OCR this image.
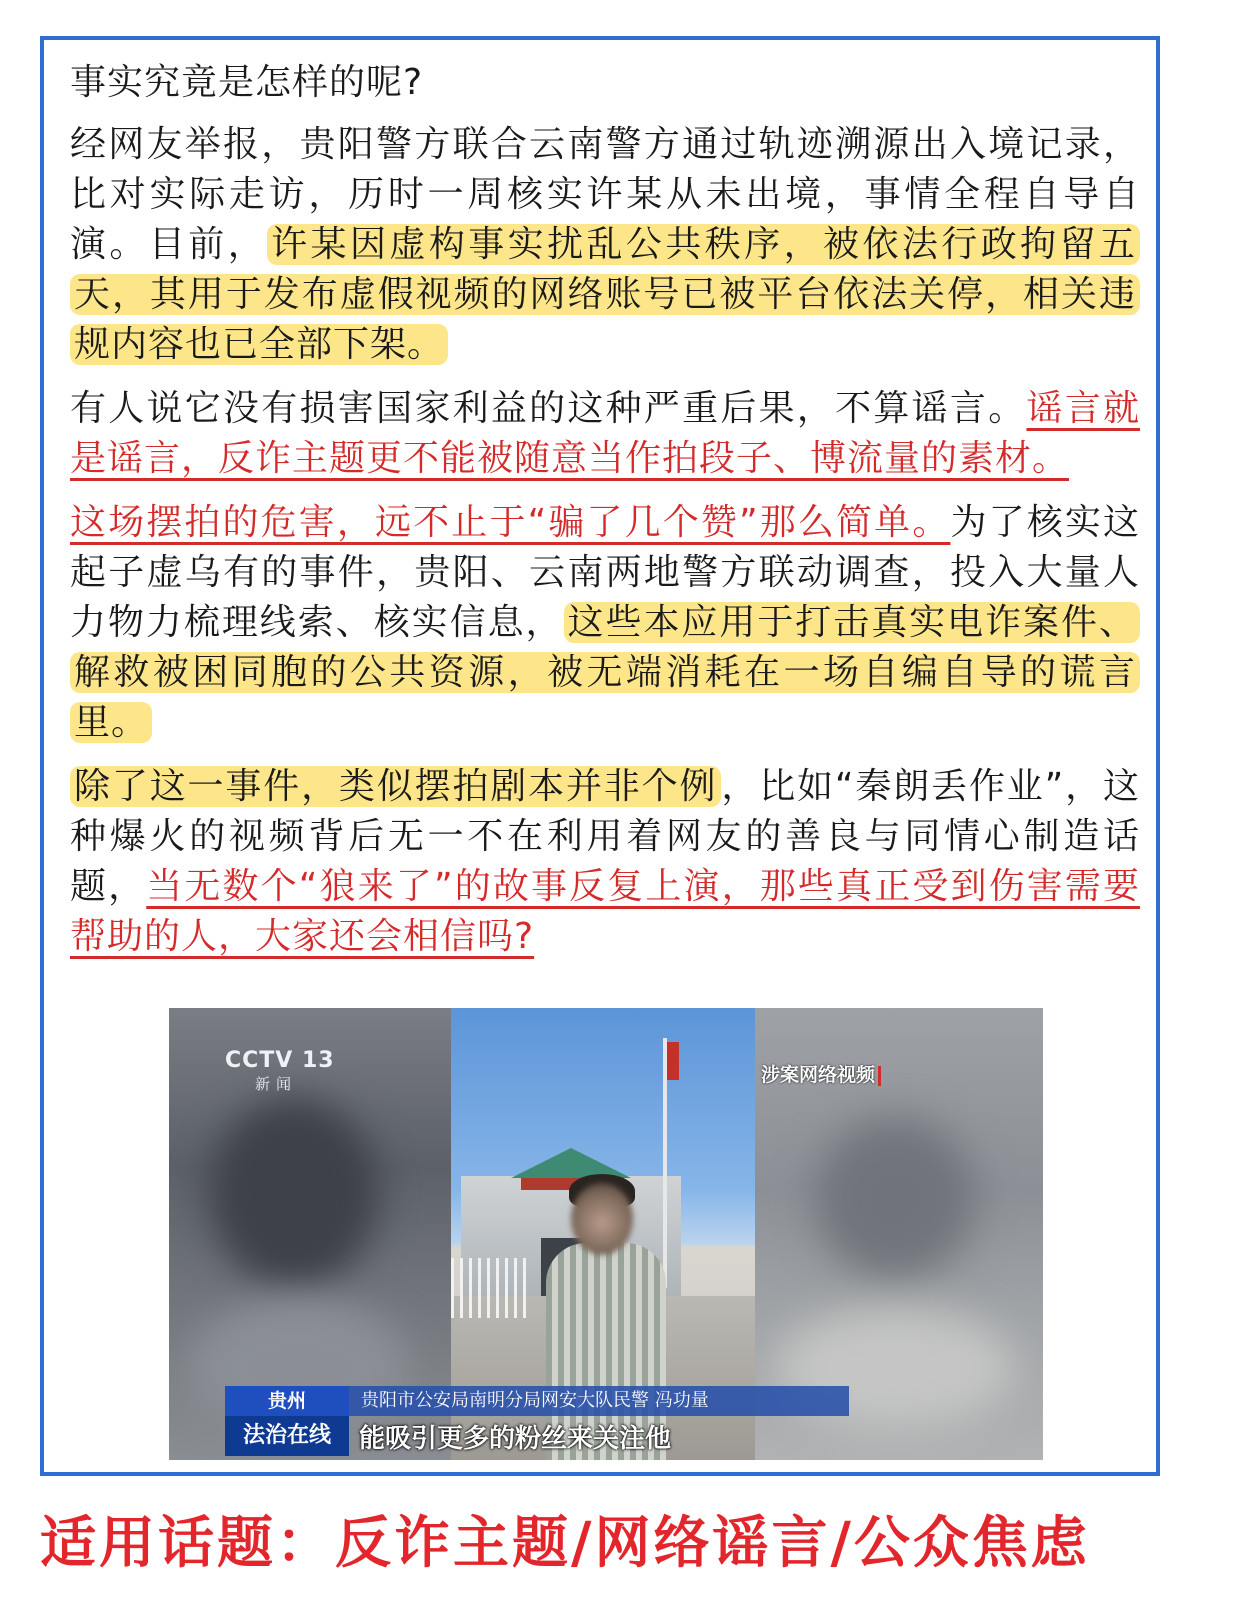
事实究竟是怎样的呢?

经网友举报，贵阳警方联合云南警方通过轨迹溯源出入境记录，比对实际走访，历时一周核实许某从未出境，事情全程自导自演。目前， 许某因虚构事实扰乱公共秩序，被依法行政拘留五天，其用于发布虚假视频的网络账号已被平台依法关停，相关违规内容也已全部下架。

有人说它没有损害国家利益的这种严重后果，不算谣言。谣言就是谣言，反诈主题更不能被随意当作拍段子、博流量的素材。

这场摆拍的危害，远不止于“骗了几个赞”那么简单。为了核实这起子虚乌有的事件，贵阳、云南两地警方联动调查，投入大量人力物力梳理线索、核实信息， 这些本应用于打击真实电诈案件、解救被困同胞的公共资源，被无端消耗在一场自编自导的谎言里。

除了这一事件，类似摆拍剧本并非个例 ，比如“秦朗丢作业”，这种爆火的视频背后无一不在利用着网友的善良与同情心制造话题，当无数个“狼来了”的故事反复上演，那些真正受到伤害需要帮助的人，大家还会相信吗?

CCTV 13
新闻	涉案网络视频
贵州
法治在线
贵阳市公安局南明分局网安大队民警 冯功量
能吸引更多的粉丝来关注他
适用话题：反诈主题/网络谣言/公众焦虑
